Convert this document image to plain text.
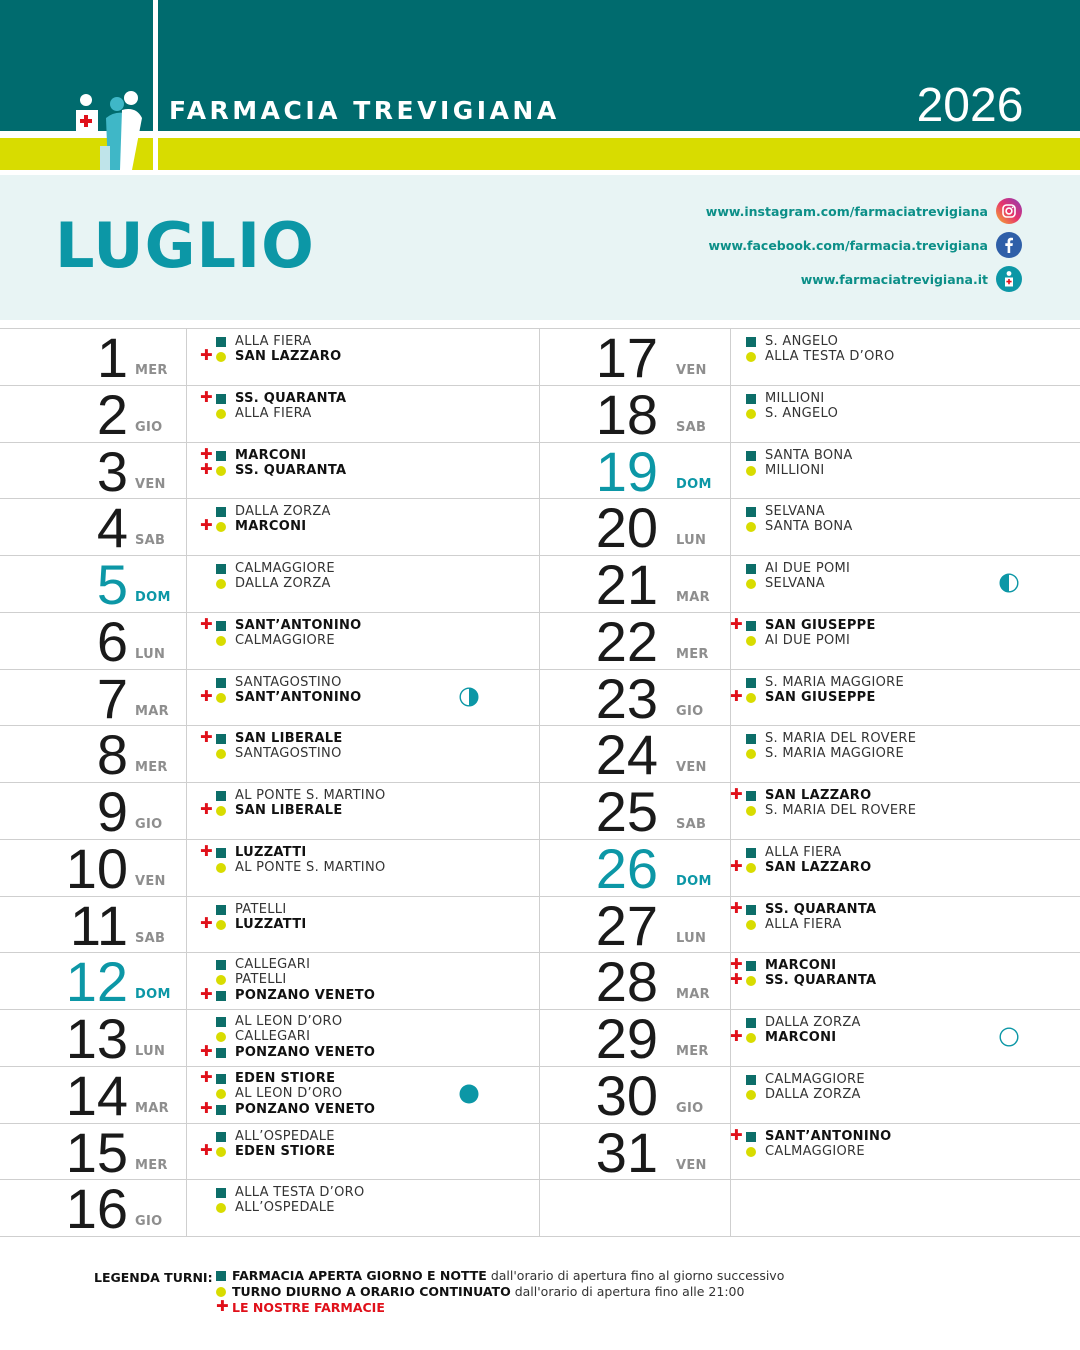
FARMACIA TREVIGIANA	2026
LUGLIO	www.instagram.com/farmaciatrevigiana
www.facebook.com/farmacia.trevigiana
www.farmaciatrevigiana.it
LEGENDA TURNI: FARMACIA APERTA GIORNO E NOTTE dall'orario di apertura fino al giorno successivo
TURNO DIURNO A ORARIO CONTINUATO dall'orario di apertura fino alle 21:00
✚ LE NOSTRE FARMACIE
1 MER
ALLA FIERA
✚ SAN LAZZARO
2 GIO
✚ SS. QUARANTA
ALLA FIERA
3 VEN
✚ MARCONI
✚ SS. QUARANTA
4 SAB
DALLA ZORZA
✚ MARCONI
5 DOM
CALMAGGIORE
DALLA ZORZA
6 LUN
✚ SANT’ANTONINO
CALMAGGIORE
7 MAR
SANTAGOSTINO
✚ SANT’ANTONINO
8 MER
✚ SAN LIBERALE
SANTAGOSTINO
9 GIO
AL PONTE S. MARTINO
✚ SAN LIBERALE
10 VEN
✚ LUZZATTI
AL PONTE S. MARTINO
11 SAB
PATELLI
✚ LUZZATTI
12 DOM
CALLEGARI
PATELLI
✚ PONZANO VENETO
13 LUN
AL LEON D’ORO
CALLEGARI
✚ PONZANO VENETO
14 MAR
✚ EDEN STIORE
AL LEON D’ORO
✚ PONZANO VENETO
15 MER
ALL’OSPEDALE
✚ EDEN STIORE
16 GIO
ALLA TESTA D’ORO
ALL’OSPEDALE
17 VEN
S. ANGELO
ALLA TESTA D’ORO
18 SAB
MILLIONI
S. ANGELO
19 DOM
SANTA BONA
MILLIONI
20 LUN
SELVANA
SANTA BONA
21 MAR
AI DUE POMI
SELVANA
22 MER
✚ SAN GIUSEPPE
AI DUE POMI
23 GIO
S. MARIA MAGGIORE
✚ SAN GIUSEPPE
24 VEN
S. MARIA DEL ROVERE
S. MARIA MAGGIORE
25 SAB
✚ SAN LAZZARO
S. MARIA DEL ROVERE
26 DOM
ALLA FIERA
✚ SAN LAZZARO
27 LUN
✚ SS. QUARANTA
ALLA FIERA
28 MAR
✚ MARCONI
✚ SS. QUARANTA
29 MER
DALLA ZORZA
✚ MARCONI
30 GIO
CALMAGGIORE
DALLA ZORZA
31 VEN
✚ SANT’ANTONINO
CALMAGGIORE
